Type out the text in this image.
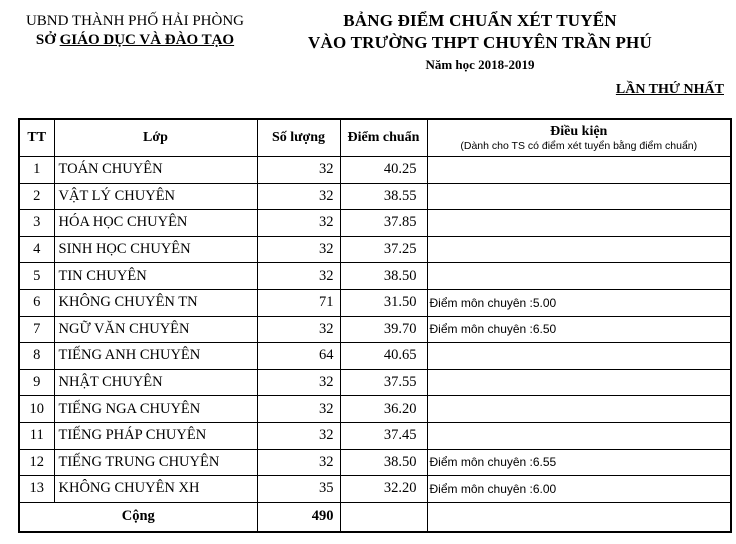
UBND THÀNH PHỐ HẢI PHÒNG
SỞ GIÁO DỤC VÀ ĐÀO TẠO
BẢNG ĐIỂM CHUẨN XÉT TUYỂN
VÀO TRƯỜNG THPT CHUYÊN TRẦN PHÚ
Năm học 2018-2019
LẦN THỨ NHẤT
TT	Lớp	Số lượng	Điểm chuẩn	Điều kiện
(Dành cho TS có điểm xét tuyển bằng điểm chuẩn)

1	TOÁN CHUYÊN	32	40.25	
2	VẬT LÝ CHUYÊN	32	38.55	
3	HÓA HỌC CHUYÊN	32	37.85	
4	SINH HỌC CHUYÊN	32	37.25	
5	TIN CHUYÊN	32	38.50	
6	KHÔNG CHUYÊN TN	71	31.50	Điểm môn chuyên :5.00
7	NGỮ VĂN CHUYÊN	32	39.70	Điểm môn chuyên :6.50
8	TIẾNG ANH CHUYÊN	64	40.65	
9	NHẬT CHUYÊN	32	37.55	
10	TIẾNG NGA CHUYÊN	32	36.20	
11	TIẾNG PHÁP CHUYÊN	32	37.45	
12	TIẾNG TRUNG CHUYÊN	32	38.50	Điểm môn chuyên :6.55
13	KHÔNG CHUYÊN XH	35	32.20	Điểm môn chuyên :6.00
Cộng		490		
